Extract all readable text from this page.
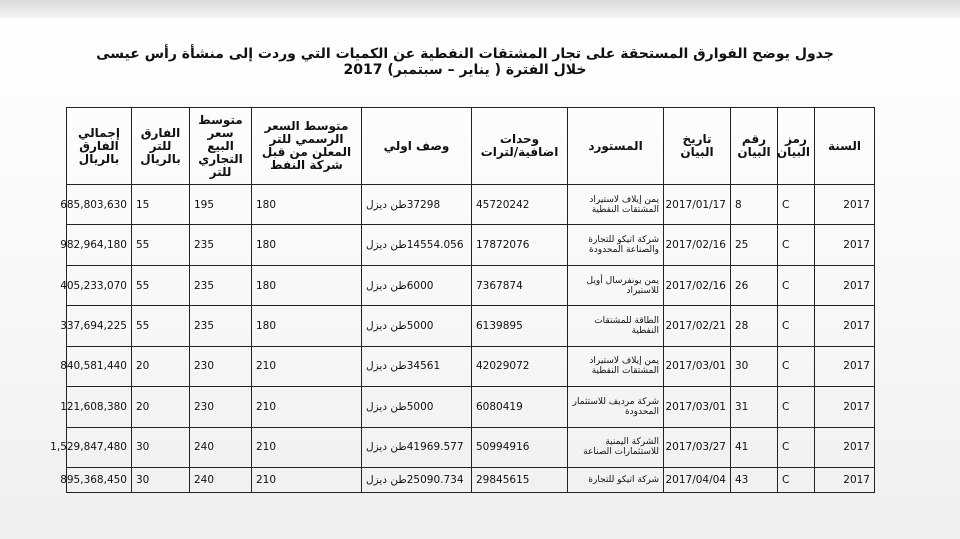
جدول يوضح الفوارق المستحقة على تجار المشتقات النفطية عن الكميات التي وردت إلى منشأة رأس عيسى خلال الفترة ( يناير – سبتمبر) 2017
السنة	رمز البيان	رقم البيان	تاريخ البيان	المستورد	وحدات اضافية/لترات	وصف اولي	متوسط السعر الرسمي للتر المعلن من قبل شركة النفط	متوسط سعر البيع التجاري للتر	الفارق للتر بالريال	إجمالي الفارق بالريال
2017	C	8	2017/01/17	يمن إيلاف لاستيراد المشتقات النفطية	45720242	37298طن ديزل	180	195	15	685,803,630
2017	C	25	2017/02/16	شركة اتيكو للتجارة والصناعة المحدودة	17872076	14554.056طن ديزل	180	235	55	982,964,180
2017	C	26	2017/02/16	يمن يونفرسال أويل للاستيراد	7367874	6000طن ديزل	180	235	55	405,233,070
2017	C	28	2017/02/21	الطاقة للمشتقات النفطية	6139895	5000طن ديزل	180	235	55	337,694,225
2017	C	30	2017/03/01	يمن إيلاف لاستيراد المشتقات النفطية	42029072	34561طن ديزل	210	230	20	840,581,440
2017	C	31	2017/03/01	شركة مرديف للاستثمار المحدودة	6080419	5000طن ديزل	210	230	20	121,608,380
2017	C	41	2017/03/27	الشركة اليمنية للاستثمارات الصناعة	50994916	41969.577طن ديزل	210	240	30	1,529,847,480
2017	C	43	2017/04/04	شركة اتيكو للتجارة	29845615	25090.734طن ديزل	210	240	30	895,368,450
